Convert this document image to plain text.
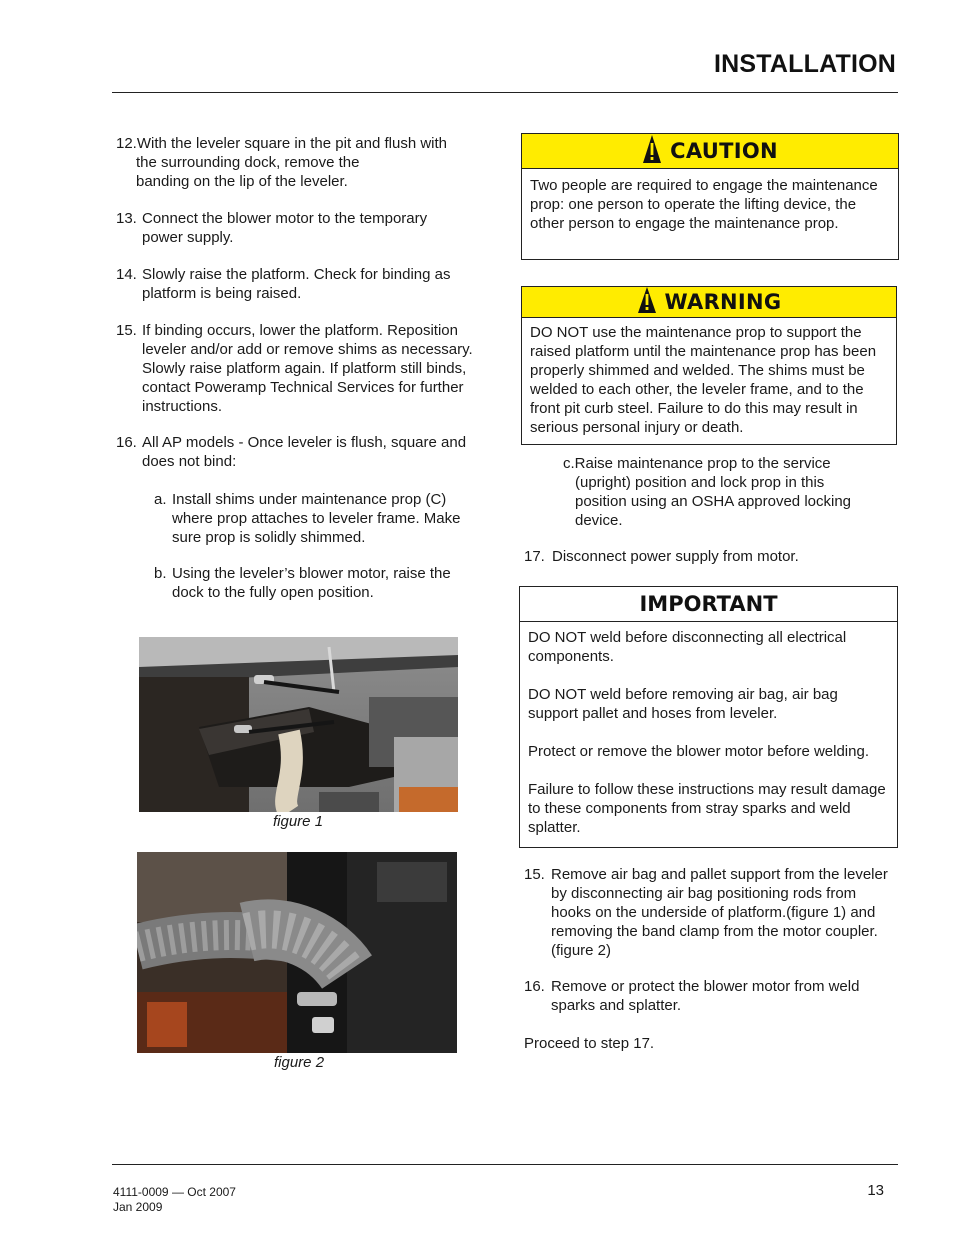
INSTALLATION
12.With the leveler square in the pit and flush with
the surrounding dock, remove the
banding on the lip of the leveler.
13. Connect the blower motor to the temporary power supply.
14. Slowly raise the platform. Check for binding as platform is being raised.
15. If binding occurs, lower the platform. Reposition leveler and/or add or remove shims as necessary. Slowly raise platform again. If platform still binds, contact Poweramp Technical Services for further instructions.
16. All AP models - Once leveler is flush, square and does not bind:
a. Install shims under maintenance prop (C) where prop attaches to leveler frame. Make sure prop is solidly shimmed.
b. Using the leveler’s blower motor, raise the dock to the fully open position.
figure 1
figure 2
CAUTION
Two people are required to engage the maintenance prop: one person to operate the lifting device, the other person to engage the maintenance prop.
WARNING
DO NOT use the maintenance prop to support the raised platform until the maintenance prop has been properly shimmed and welded. The shims must be welded to each other, the leveler frame, and to the front pit curb steel. Failure to do this may result in serious personal injury or death.
c.Raise maintenance prop to the service
(upright) position and lock prop in this position using an OSHA approved locking device.
17. Disconnect power supply from motor.
IMPORTANT
DO NOT weld before disconnecting all electrical components.
DO NOT weld before removing air bag, air bag support pallet and hoses from leveler.
Protect or remove the blower motor before welding.
Failure to follow these instructions may result damage to these components from stray sparks and weld splatter.
15. Remove air bag and pallet support from the leveler by disconnecting air bag positioning rods from hooks on the underside of platform.(figure 1) and removing the band clamp from the motor coupler. (figure 2)
16. Remove or protect the blower motor from weld sparks and splatter.
Proceed to step 17.
4111-0009 — Oct 2007
Jan 2009
13
